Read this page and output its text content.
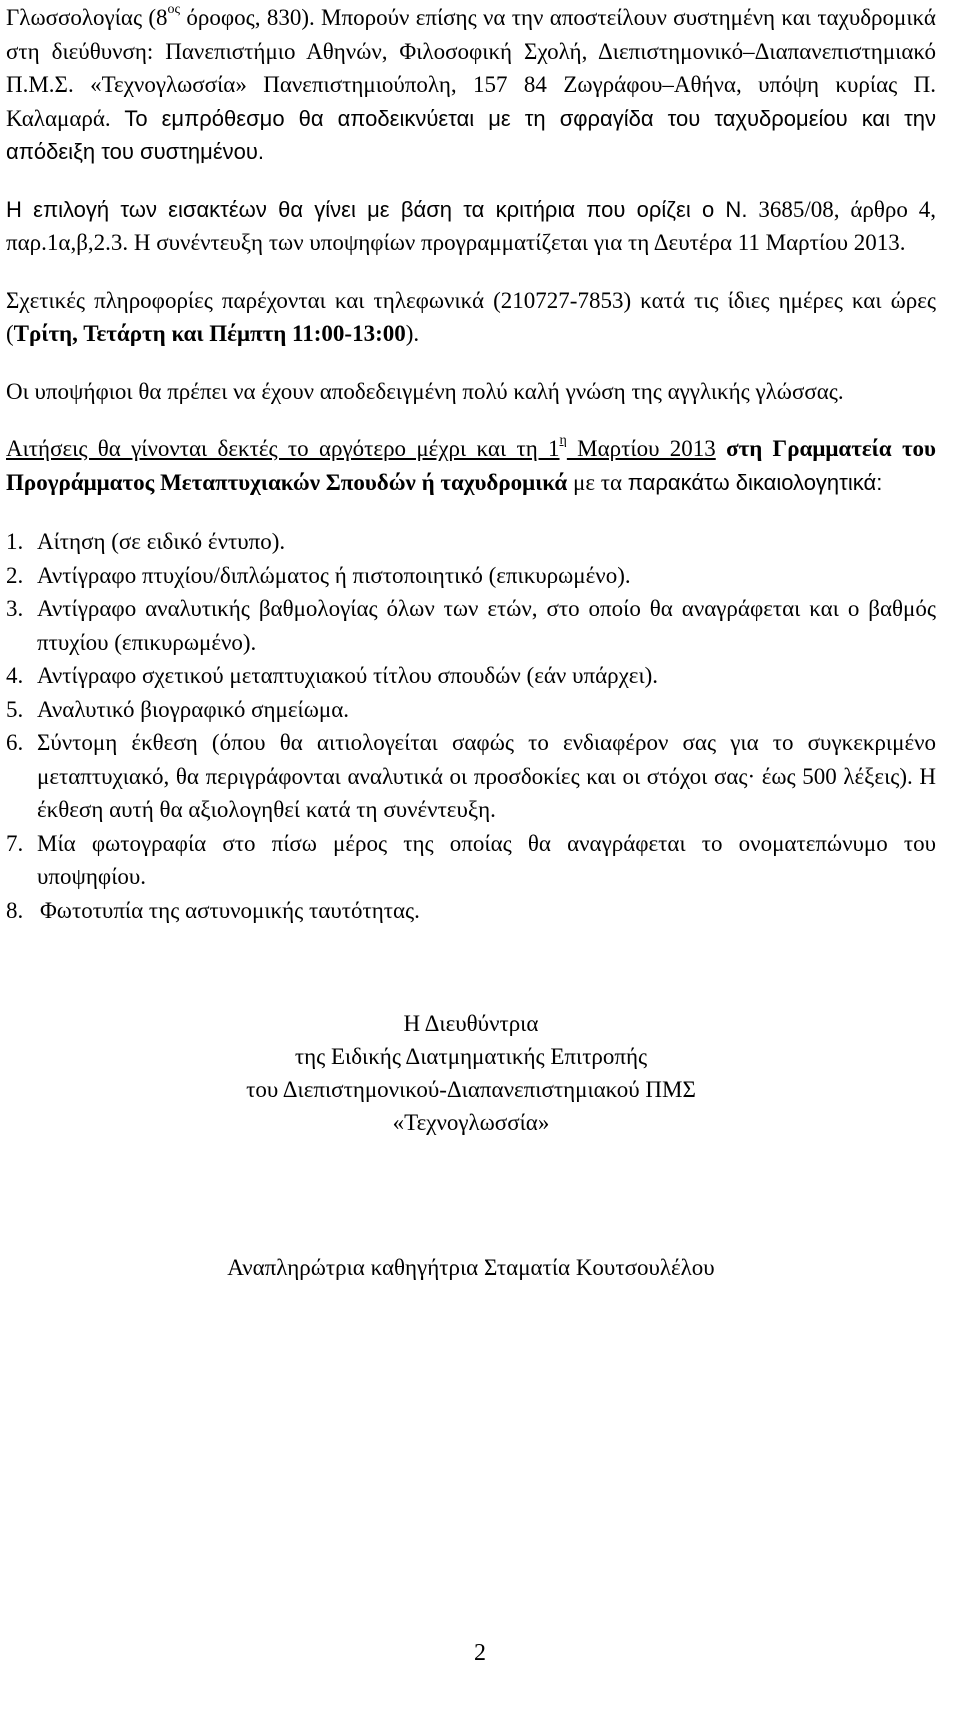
Γλωσσολογίας ($8^{o\varsigma}$ όροφος, 830). Μπορούν επίσης να την αποστείλουν συστημένη και ταχυδρομικά στη διεύθυνση: Πανεπιστήμιο Αθηνών, Φιλοσοφική Σχολή, Διεπιστημονικό–Διαπανεπιστημιακό Π.Μ.Σ. «Τεχνογλωσσία» Πανεπιστημιούπολη, 157 84 Ζωγράφου–Αθήνα, υπόψη κυρίας Π. Καλαμαρά. Το εμπρόθεσμο θα αποδεικνύεται με τη σφραγίδα του ταχυδρομείου και την απόδειξη του συστημένου.

Η επιλογή των εισακτέων θα γίνει με βάση τα κριτήρια που ορίζει ο Ν. 3685/08, άρθρο 4, παρ.1α,β,2.3. Η συνέντευξη των υποψηφίων προγραμματίζεται για τη Δευτέρα 11 Μαρτίου 2013.

Σχετικές πληροφορίες παρέχονται και τηλεφωνικά (210727-7853) κατά τις ίδιες ημέρες και ώρες (Τρίτη, Τετάρτη και Πέμπτη 11:00-13:00).

Οι υποψήφιοι θα πρέπει να έχουν αποδεδειγμένη πολύ καλή γνώση της αγγλικής γλώσσας.

Αιτήσεις θα γίνονται δεκτές το αργότερο μέχρι και τη $1^\eta$ Μαρτίου 2013 στη Γραμματεία του Προγράμματος Μεταπτυχιακών Σπουδών ή ταχυδρομικά με τα παρακάτω δικαιολογητικά:

1. Αίτηση (σε ειδικό έντυπο).
2. Αντίγραφο πτυχίου/διπλώματος ή πιστοποιητικό (επικυρωμένο).
3. Αντίγραφο αναλυτικής βαθμολογίας όλων των ετών, στο οποίο θα αναγράφεται και ο βαθμός πτυχίου (επικυρωμένο).
4. Αντίγραφο σχετικού μεταπτυχιακού τίτλου σπουδών (εάν υπάρχει).
5. Αναλυτικό βιογραφικό σημείωμα.
6. Σύντομη έκθεση (όπου θα αιτιολογείται σαφώς το ενδιαφέρον σας για το συγκεκριμένο μεταπτυχιακό, θα περιγράφονται αναλυτικά οι προσδοκίες και οι στόχοι σας· έως 500 λέξεις). Η έκθεση αυτή θα αξιολογηθεί κατά τη συνέντευξη.
7. Μία φωτογραφία στο πίσω μέρος της οποίας θα αναγράφεται το ονοματεπώνυμο του υποψηφίου.
8. Φωτοτυπία της αστυνομικής ταυτότητας.
Η Διευθύντρια
της Ειδικής Διατμηματικής Επιτροπής
του Διεπιστημονικού-Διαπανεπιστημιακού ΠΜΣ
«Τεχνογλωσσία»
Αναπληρώτρια καθηγήτρια Σταματία Κουτσουλέλου
2
